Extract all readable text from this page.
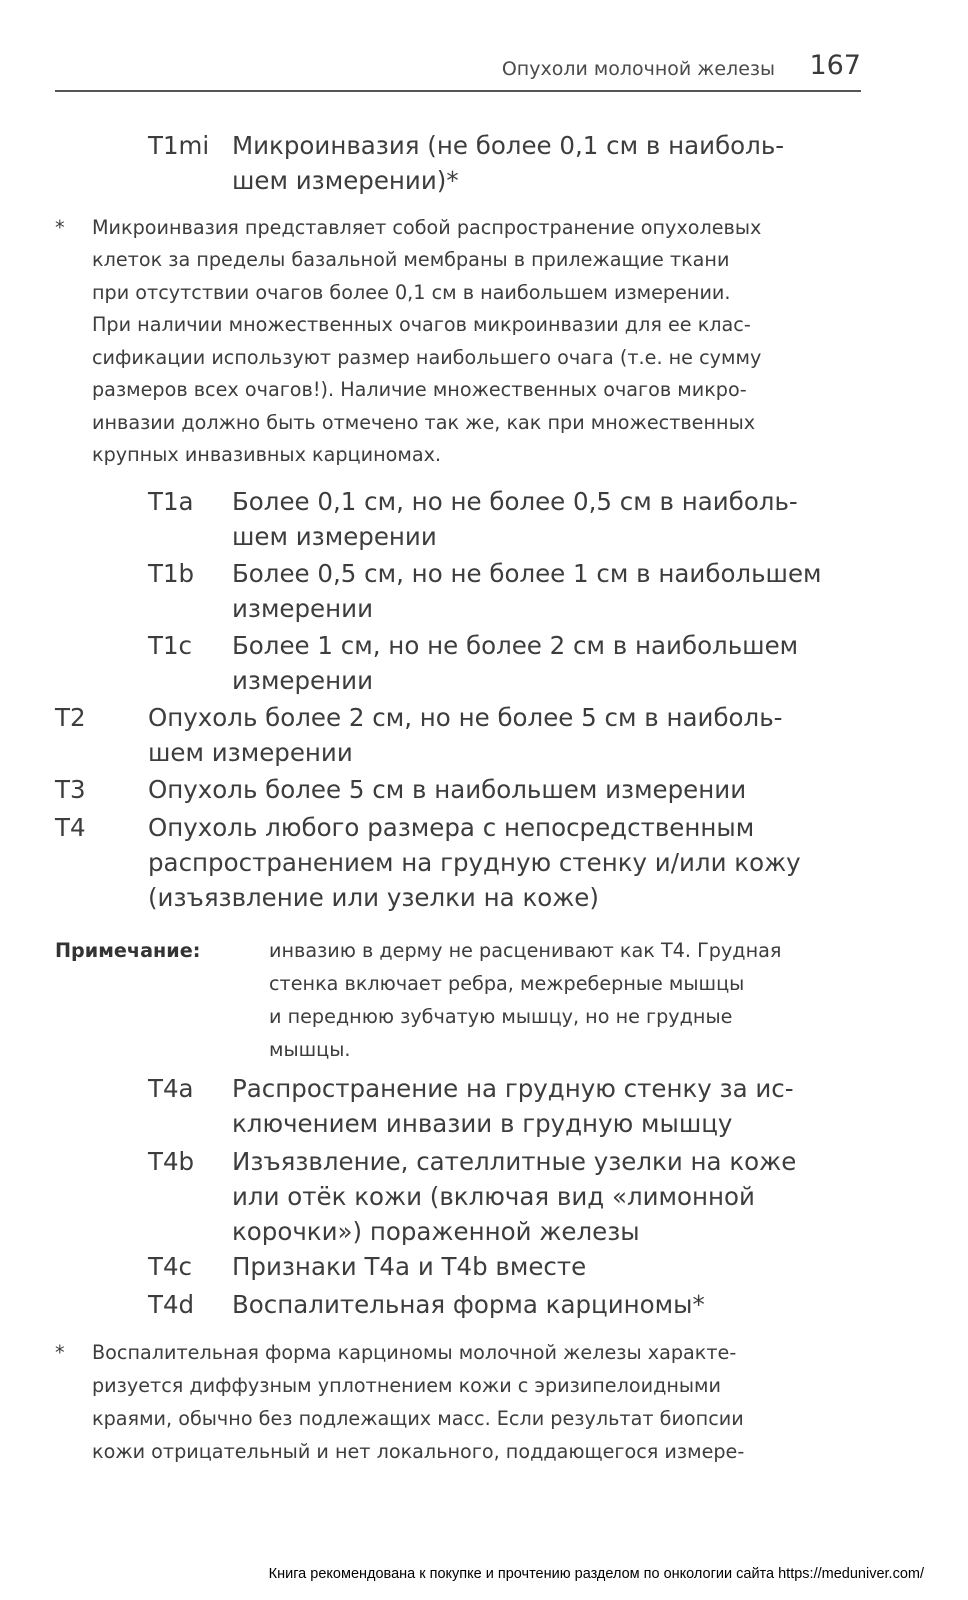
Опухоли молочной железы 167
T1mi Микроинвазия (не более 0,1 см в наиболь-
шем измерении)*
* Микроинвазия представляет собой распространение опухолевых
клеток за пределы базальной мембраны в прилежащие ткани
при отсутствии очагов более 0,1 см в наибольшем измерении.
При наличии множественных очагов микроинвазии для ее клас-
сификации используют размер наибольшего очага (т.е. не сумму
размеров всех очагов!). Наличие множественных очагов микро-
инвазии должно быть отмечено так же, как при множественных
крупных инвазивных карциномах.
T1a Более 0,1 см, но не более 0,5 см в наиболь-
шем измерении
T1b Более 0,5 см, но не более 1 см в наибольшем
измерении
T1c Более 1 см, но не более 2 см в наибольшем
измерении
T2	Опухоль более 2 см, но не более 5 см в наиболь-
шем измерении
T3	Опухоль более 5 см в наибольшем измерении
T4	Опухоль любого размера с непосредственным
распространением на грудную стенку и/или кожу
(изъязвление или узелки на коже)
Примечание:	инвазию в дерму не расценивают как T4. Грудная
стенка включает ребра, межреберные мышцы
и переднюю зубчатую мышцу, но не грудные
мышцы.
T4a Распространение на грудную стенку за ис-
ключением инвазии в грудную мышцу
T4b Изъязвление, сателлитные узелки на коже
или отёк кожи (включая вид «лимонной
корочки») пораженной железы
T4c Признаки T4a и T4b вместе
T4d Воспалительная форма карциномы*
* Воспалительная форма карциномы молочной железы характе-
ризуется диффузным уплотнением кожи с эризипелоидными
краями, обычно без подлежащих масс. Если результат биопсии
кожи отрицательный и нет локального, поддающегося измере-
Книга рекомендована к покупке и прочтению разделом по онкологии сайта https://meduniver.com/
